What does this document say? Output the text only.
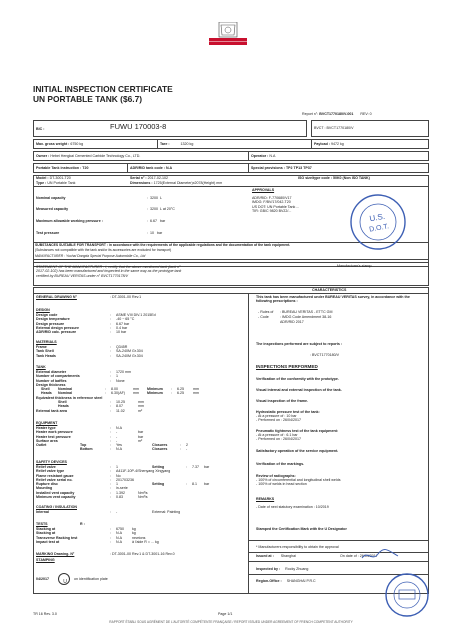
INITIAL INSPECTION CERTIFICATE
UN PORTABLE TANK ($6.7)
Report n°: BVCT1770180/V-001 REV: 0
BIC :	FUWU 170003-8	BVCT : BVCT1770180/V
Max. gross weight : 6750 kg	Tare :	1320 kg	Payload : 9472 kg
Owner : Hebei Hengkai Cemented Carbide Technology Co., LTD.	Operator : N.A
Portable Tank instruction : T20	ADR/RID tank code : N.A	Special provisions : TP2 TP13 TP37
Model : DT-3001-T20
Type : UN Portable Tank
Serial n° : 2017-02-102
Dimensions : 1725(External Diameter)x2078(Height) mm
ISO size/type code : 50K0 (Non ISO TANK)
APPROVALS
ADR/RID: F-770680/V17
IMDG: F/BV/17/042-T20
US DOT: UN Portable Tank ...
TIR: GB/C 9820 BVZJ/...
Nominal capacity	:  3200 L
Measured capacity	:  3200 L at 20°C
Maximum allowable working pressure :	:  6.67 bar
Test pressure	:  10 bar
SUBSTANCES SUITABLE FOR TRANSPORT : in accordance with the requirements of the applicable regulations and the documentation of the tank equipment.
(Substances not compatible with the tank and/or its accessories are excluded for transport)
MANUFACTURER : Yuchai Dongda Special Purpose Automobile Co., Ltd
STATEMENT OF THE MANUFACTURER : I, certify that the above mentioned tank (tank n°
2017-02-102) has been manufactured and inspected in the same way as the prototype tank
certified by BUREAU VERITAS under n° BVCT1770178/V
Manufacturer's stamp
CHARACTERISTICS
GENERAL DRAWING N°	: DT-3001-00 Rev.1
DESIGN
Design code	: ASME VIII DIV.1 2015Ed
Design temperature	: -40 ~ 65 °C
Design pressure	: 6.67 bar
External design pressure	: 0.4 bar
ADR/RID calc. pressure	: 10 bar
MATERIALS
Frame	: Q345R
Tank Shell	: SA-240M Gr.304
Tank Heads	: SA-240M Gr.304
TANK
External diameter	: 1720 mm
Number of compartments	: 1
Number of baffles	: None
Design thickness
Shell Nominal	: 8.00	mm Minimum : 6.25	mm
Heads Nominal	: 6.30(AF) mm Minimum : 6.25	mm
Equivalent thickness in reference steel
Shell	: 10.25	mm
Heads	: 8.07	mm
External tank area	: 11.02	m²
EQUIPMENT
Heater type	: N.A
Heater work pressure	: -	bar
Heater test pressure	: -	bar
Surface area	: -	m²
Outlet	Top	: Yes	Closures	: 2
Bottom	: N.A	Closures	: -
SAFETY DEVICES
Relief valve	: 1	Setting	: 7.37 bar
Relief valve type	: A411F-10P-4/Shenyang Xingyang
Flame resistant gauze	: No
Relief valve serial no.	: 201703236
Rupture disc	: 1	Setting	: 8.1 bar
Mounting	: in-serie
Installed vent capacity	: 1.392	Nm³/s
Minimum vent capacity	: 0.83	Nm³/s
COATING / INSULATION
Internal	: -	External: Painting
TESTS	R :
Stacking at	: 6750 kg
Stacking at	: N.A	kg
Transverse Racking test	: N.A	newtons
Impact test at	: N.A	â l'aide R = ... kg
MARKING Drawing. N°	: DT-3001-00 Rev.1 & DT-3001-16 Rev.0
STAMPING
04/2017	U on identification plate
This tank has been manufactured under BUREAU VERITAS survey, in accordance with the following prescriptions :
- Rules of : BUREAU VERITAS - ETTC GM
- Code	: IMDG Code Amendment 38-16
ADR/RID 2017
The inspections performed are subject to reports :
: BVCT1770180/V
INSPECTIONS PERFORMED
Verification of the conformity with the prototype.
Visual internal and external inspection of the tank.
Visual inspection of the frame.
Hydrostatic pressure test of the tank:
- At a pressure of : 10 bar
- Performed on : 26/04/2017
Pneumatic tightness test of the tank equipment:
- At a pressure of : 6.1 bar
- Performed on : 26/04/2017
Satisfactory operation of the service equipment.
Verification of the markings.
Review of radiographs:
- 100% of circumferential and longitudinal shell welds
- 100% of welds in head section
REMARKS
- Date of next statutory examination : 10/2019
Stamped the Certification Mark with the U Designator
* Manufacturers responsibility to obtain the approval
Issued at : Shanghai	On date of : 26/04/2017
Inspected by : Rocky Zhuang
Region-Office : SHANGHAI P.R.C
U.S.
D.O.T.
TR 16 Rev. 3.0	Page 1/1
RAPPORT ÉTABLI SOUS AGRÉMENT DE L'AUTORITÉ COMPÉTENTE FRANÇAISE / REPORT ISSUED UNDER AGREEMENT OF FRENCH COMPETENT AUTHORITY
